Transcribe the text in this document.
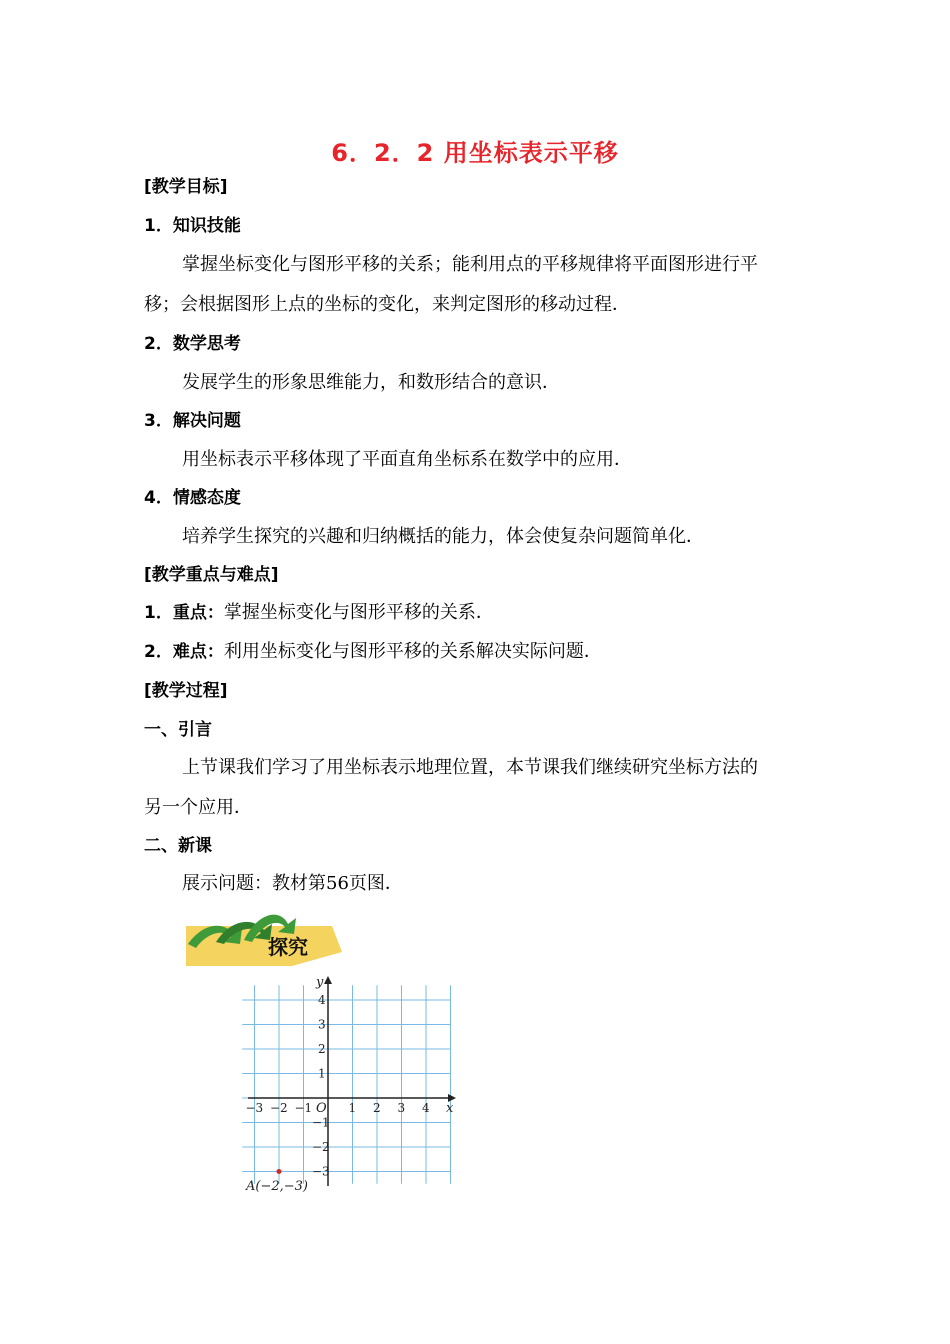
6．2．2 用坐标表示平移
[教学目标]
1．知识技能
掌握坐标变化与图形平移的关系；能利用点的平移规律将平面图形进行平
移；会根据图形上点的坐标的变化，来判定图形的移动过程．
2．数学思考
发展学生的形象思维能力，和数形结合的意识．
3．解决问题
用坐标表示平移体现了平面直角坐标系在数学中的应用．
4．情感态度
培养学生探究的兴趣和归纳概括的能力，体会使复杂问题简单化．
[教学重点与难点]
1．重点：掌握坐标变化与图形平移的关系．
2．难点：利用坐标变化与图形平移的关系解决实际问题．
[教学过程]
一、引言
上节课我们学习了用坐标表示地理位置，本节课我们继续研究坐标方法的
另一个应用．
二、新课
展示问题：教材第56页图．
探究
−3 −2 −1	1 2 3 4
4
3
2
1
−1
−2
−3
O	x
y
A(−2,−3)
